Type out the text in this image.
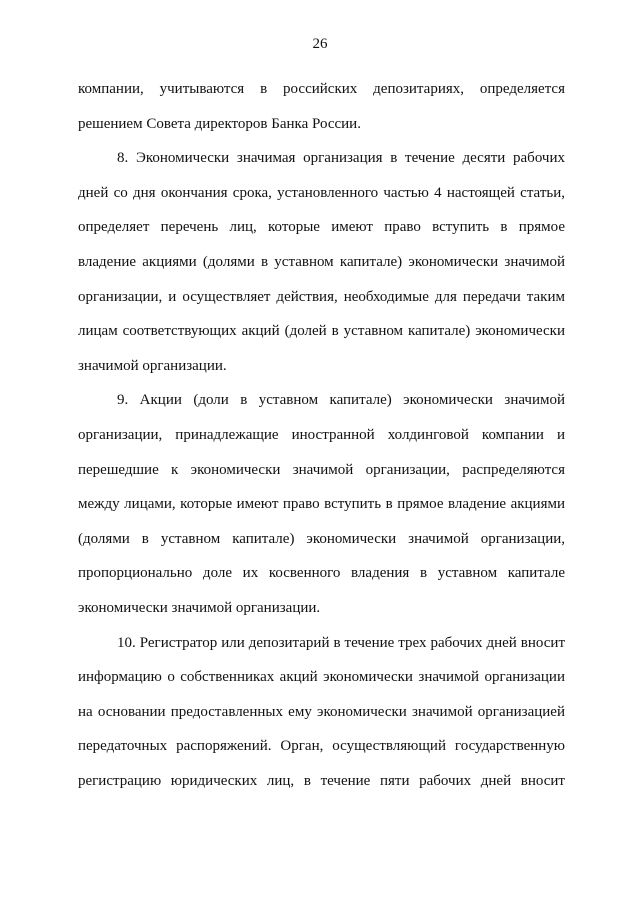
26
компании, учитываются в российских депозитариях, определяется
решением Совета директоров Банка России.
8. Экономически значимая организация в течение десяти рабочих
дней со дня окончания срока, установленного частью 4 настоящей статьи,
определяет перечень лиц, которые имеют право вступить в прямое
владение акциями (долями в уставном капитале) экономически значимой
организации, и осуществляет действия, необходимые для передачи таким
лицам соответствующих акций (долей в уставном капитале) экономически
значимой организации.
9. Акции (доли в уставном капитале) экономически значимой
организации, принадлежащие иностранной холдинговой компании и
перешедшие к экономически значимой организации, распределяются
между лицами, которые имеют право вступить в прямое владение акциями
(долями в уставном капитале) экономически значимой организации,
пропорционально доле их косвенного владения в уставном капитале
экономически значимой организации.
10. Регистратор или депозитарий в течение трех рабочих дней вносит
информацию о собственниках акций экономически значимой организации
на основании предоставленных ему экономически значимой организацией
передаточных распоряжений. Орган, осуществляющий государственную
регистрацию юридических лиц, в течение пяти рабочих дней вносит
